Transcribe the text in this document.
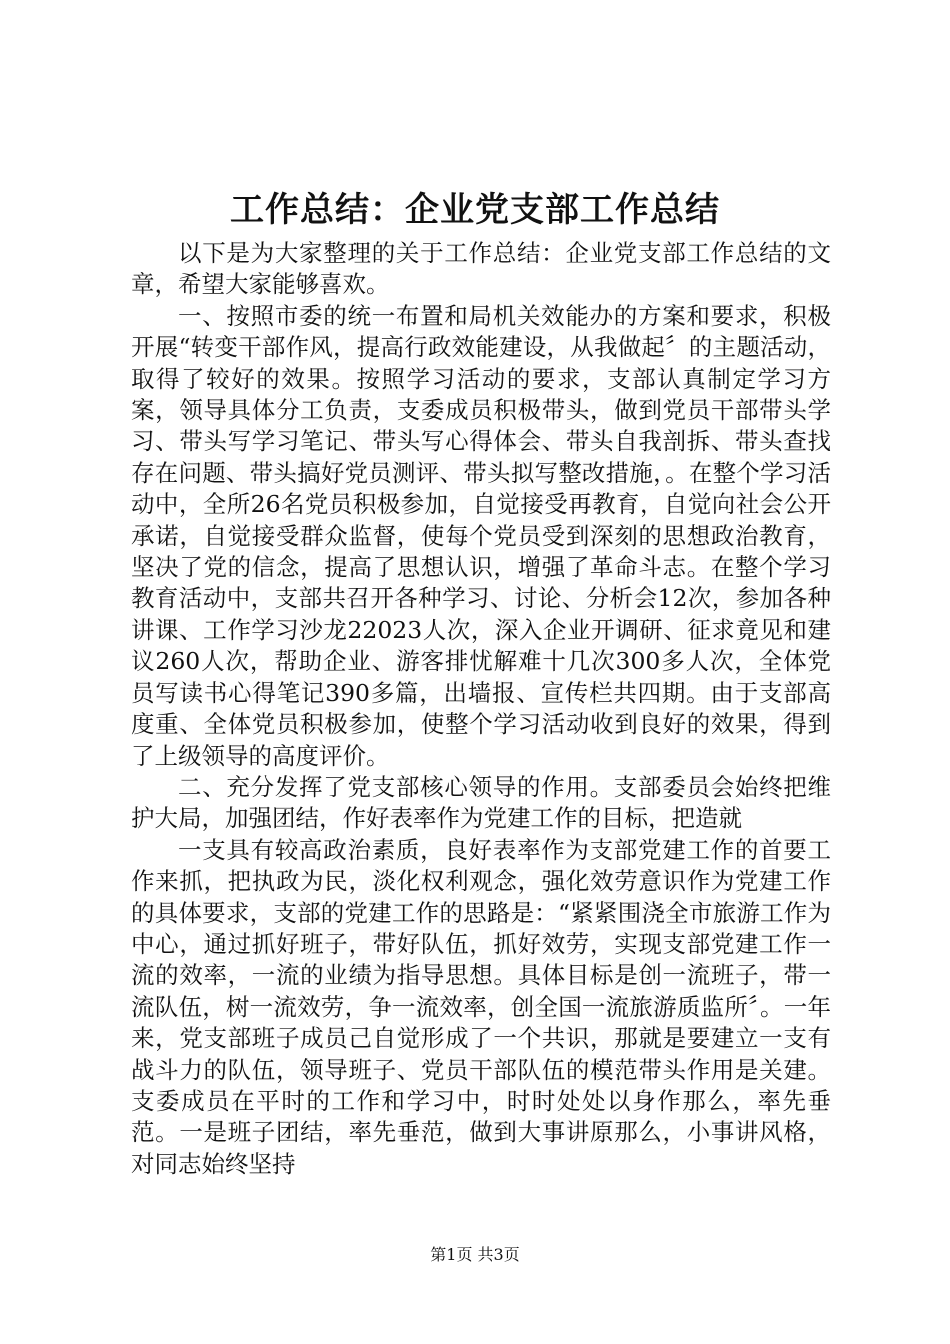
工作总结：企业党支部工作总结

以下是为大家整理的关于工作总结：企业党支部工作总结的文章，希望大家能够喜欢。

一、按照市委的统一布置和局机关效能办的方案和要求，积极开展“转变干部作风，提高行政效能建设，从我做起〞的主题活动，取得了较好的效果。按照学习活动的要求，支部认真制定学习方案，领导具体分工负责，支委成员积极带头，做到党员干部带头学习、带头写学习笔记、带头写心得体会、带头自我剖拆、带头查找存在问题、带头搞好党员测评、带头拟写整改措施，。在整个学习活动中，全所26名党员积极参加，自觉接受再教育，自觉向社会公开承诺，自觉接受群众监督，使每个党员受到深刻的思想政治教育，坚决了党的信念，提高了思想认识，增强了革命斗志。在整个学习教育活动中，支部共召开各种学习、讨论、分析会12次，参加各种讲课、工作学习沙龙22023人次，深入企业开调研、征求竟见和建议260人次，帮助企业、游客排忧解难十几次300多人次，全体党员写读书心得笔记390多篇，出墙报、宣传栏共四期。由于支部高度重、全体党员积极参加，使整个学习活动收到良好的效果，得到了上级领导的高度评价。

二、充分发挥了党支部核心领导的作用。支部委员会始终把维护大局，加强团结，作好表率作为党建工作的目标，把造就

一支具有较高政治素质，良好表率作为支部党建工作的首要工作来抓，把执政为民，淡化权利观念，强化效劳意识作为党建工作的具体要求，支部的党建工作的思路是：“紧紧围浇全市旅游工作为中心，通过抓好班子，带好队伍，抓好效劳，实现支部党建工作一流的效率，一流的业绩为指导思想。具体目标是创一流班子，带一流队伍，树一流效劳，争一流效率，创全国一流旅游质监所〞。一年来，党支部班子成员己自觉形成了一个共识，那就是要建立一支有战斗力的队伍，领导班子、党员干部队伍的模范带头作用是关建。支委成员在平时的工作和学习中，时时处处以身作那么，率先垂范。一是班子团结，率先垂范，做到大事讲原那么，小事讲风格，对同志始终坚持

第1页 共3页
